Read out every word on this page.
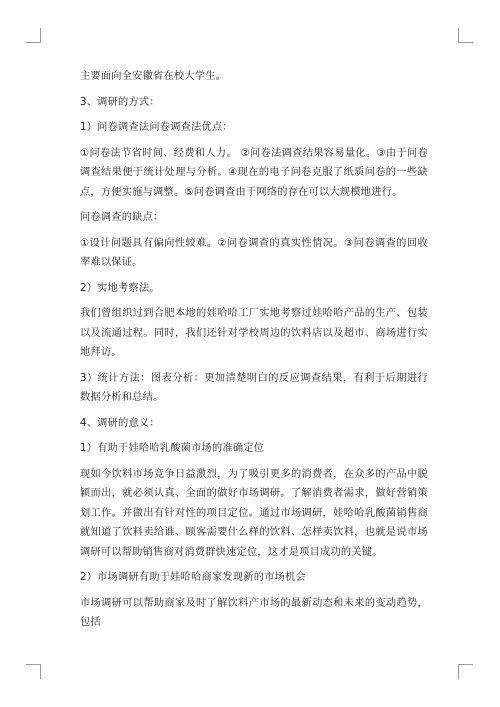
主要面向全安徽省在校大学生。

3、调研的方式：

1）问卷调查法问卷调查法优点：

①问卷法节省时间、经费和人力。 ②问卷法调查结果容易量化。③由于问卷调查结果便于统计处理与分析。④现在的电子问卷克服了纸质问卷的一些缺点，方便实施与调整。⑤问卷调查由于网络的存在可以大规模地进行。

问卷调查的缺点：

①设计问题具有偏向性较难。②问卷调查的真实性情况。③问卷调查的回收率难以保证。

2）实地考察法。

我们曾组织过到合肥本地的娃哈哈工厂实地考察过娃哈哈产品的生产、包装以及流通过程。同时，我们还针对学校周边的饮料店以及超市、商场进行实地拜访。

3）统计方法：图表分析：更加清楚明白的反应调查结果，有利于后期进行数据分析和总结。

4、调研的意义：

1）有助于娃哈哈乳酸菌市场的准确定位

现如今饮料市场竞争日益激烈，为了吸引更多的消费者，在众多的产品中脱颖而出，就必须认真、全面的做好市场调研。了解消费者需求，做好营销策划工作。并做出有针对性的项目定位。通过市场调研，娃哈哈乳酸菌销售商就知道了饮料卖给谁、顾客需要什么样的饮料、怎样卖饮料，也就是说市场调研可以帮助销售商对消费群快速定位，这才是项目成功的关键。

2）市场调研有助于娃哈哈商家发现新的市场机会

市场调研可以帮助商家及时了解饮料产市场的最新动态和未来的变动趋势，包括
